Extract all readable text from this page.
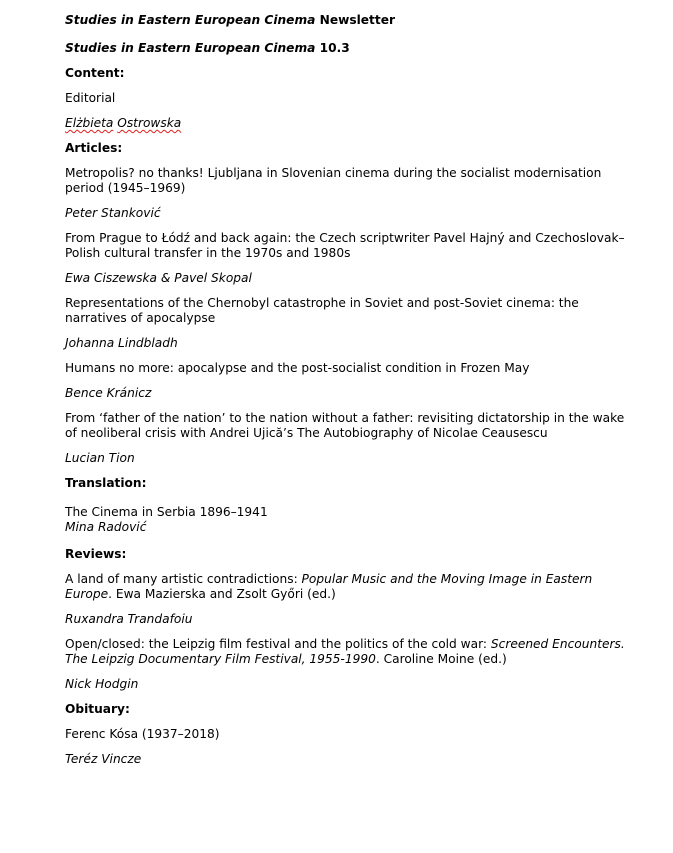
Studies in Eastern European Cinema Newsletter

Studies in Eastern European Cinema 10.3

Content:

Editorial

Elżbieta Ostrowska

Articles:

Metropolis? no thanks! Ljubljana in Slovenian cinema during the socialist modernisation period (1945–1969)

Peter Stanković

From Prague to Łódź and back again: the Czech scriptwriter Pavel Hajný and Czechoslovak–Polish cultural transfer in the 1970s and 1980s

Ewa Ciszewska & Pavel Skopal

Representations of the Chernobyl catastrophe in Soviet and post-Soviet cinema: the narratives of apocalypse

Johanna Lindbladh

Humans no more: apocalypse and the post-socialist condition in Frozen May

Bence Kránicz

From ‘father of the nation’ to the nation without a father: revisiting dictatorship in the wake of neoliberal crisis with Andrei Ujică’s The Autobiography of Nicolae Ceausescu

Lucian Tion

Translation:

The Cinema in Serbia 1896–1941
Mina Radović

Reviews:

A land of many artistic contradictions: Popular Music and the Moving Image in Eastern Europe. Ewa Mazierska and Zsolt Győri (ed.)

Ruxandra Trandafoiu

Open/closed: the Leipzig film festival and the politics of the cold war: Screened Encounters. The Leipzig Documentary Film Festival, 1955-1990. Caroline Moine (ed.)

Nick Hodgin

Obituary:

Ferenc Kósa (1937–2018)

Teréz Vincze
